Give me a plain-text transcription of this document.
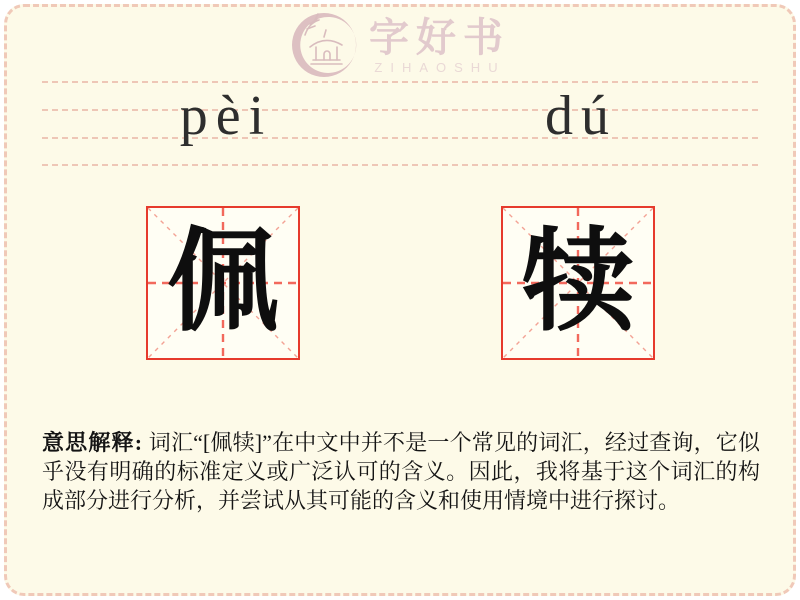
字好书
ZIHAOSHU
pèi	dú
佩 犊

意思解释: 词汇“[佩犊]”在中文中并不是一个常见的词汇，经过查询，它似乎没有明确的标准定义或广泛认可的含义。因此，我将基于这个词汇的构成部分进行分析，并尝试从其可能的含义和使用情境中进行探讨。
